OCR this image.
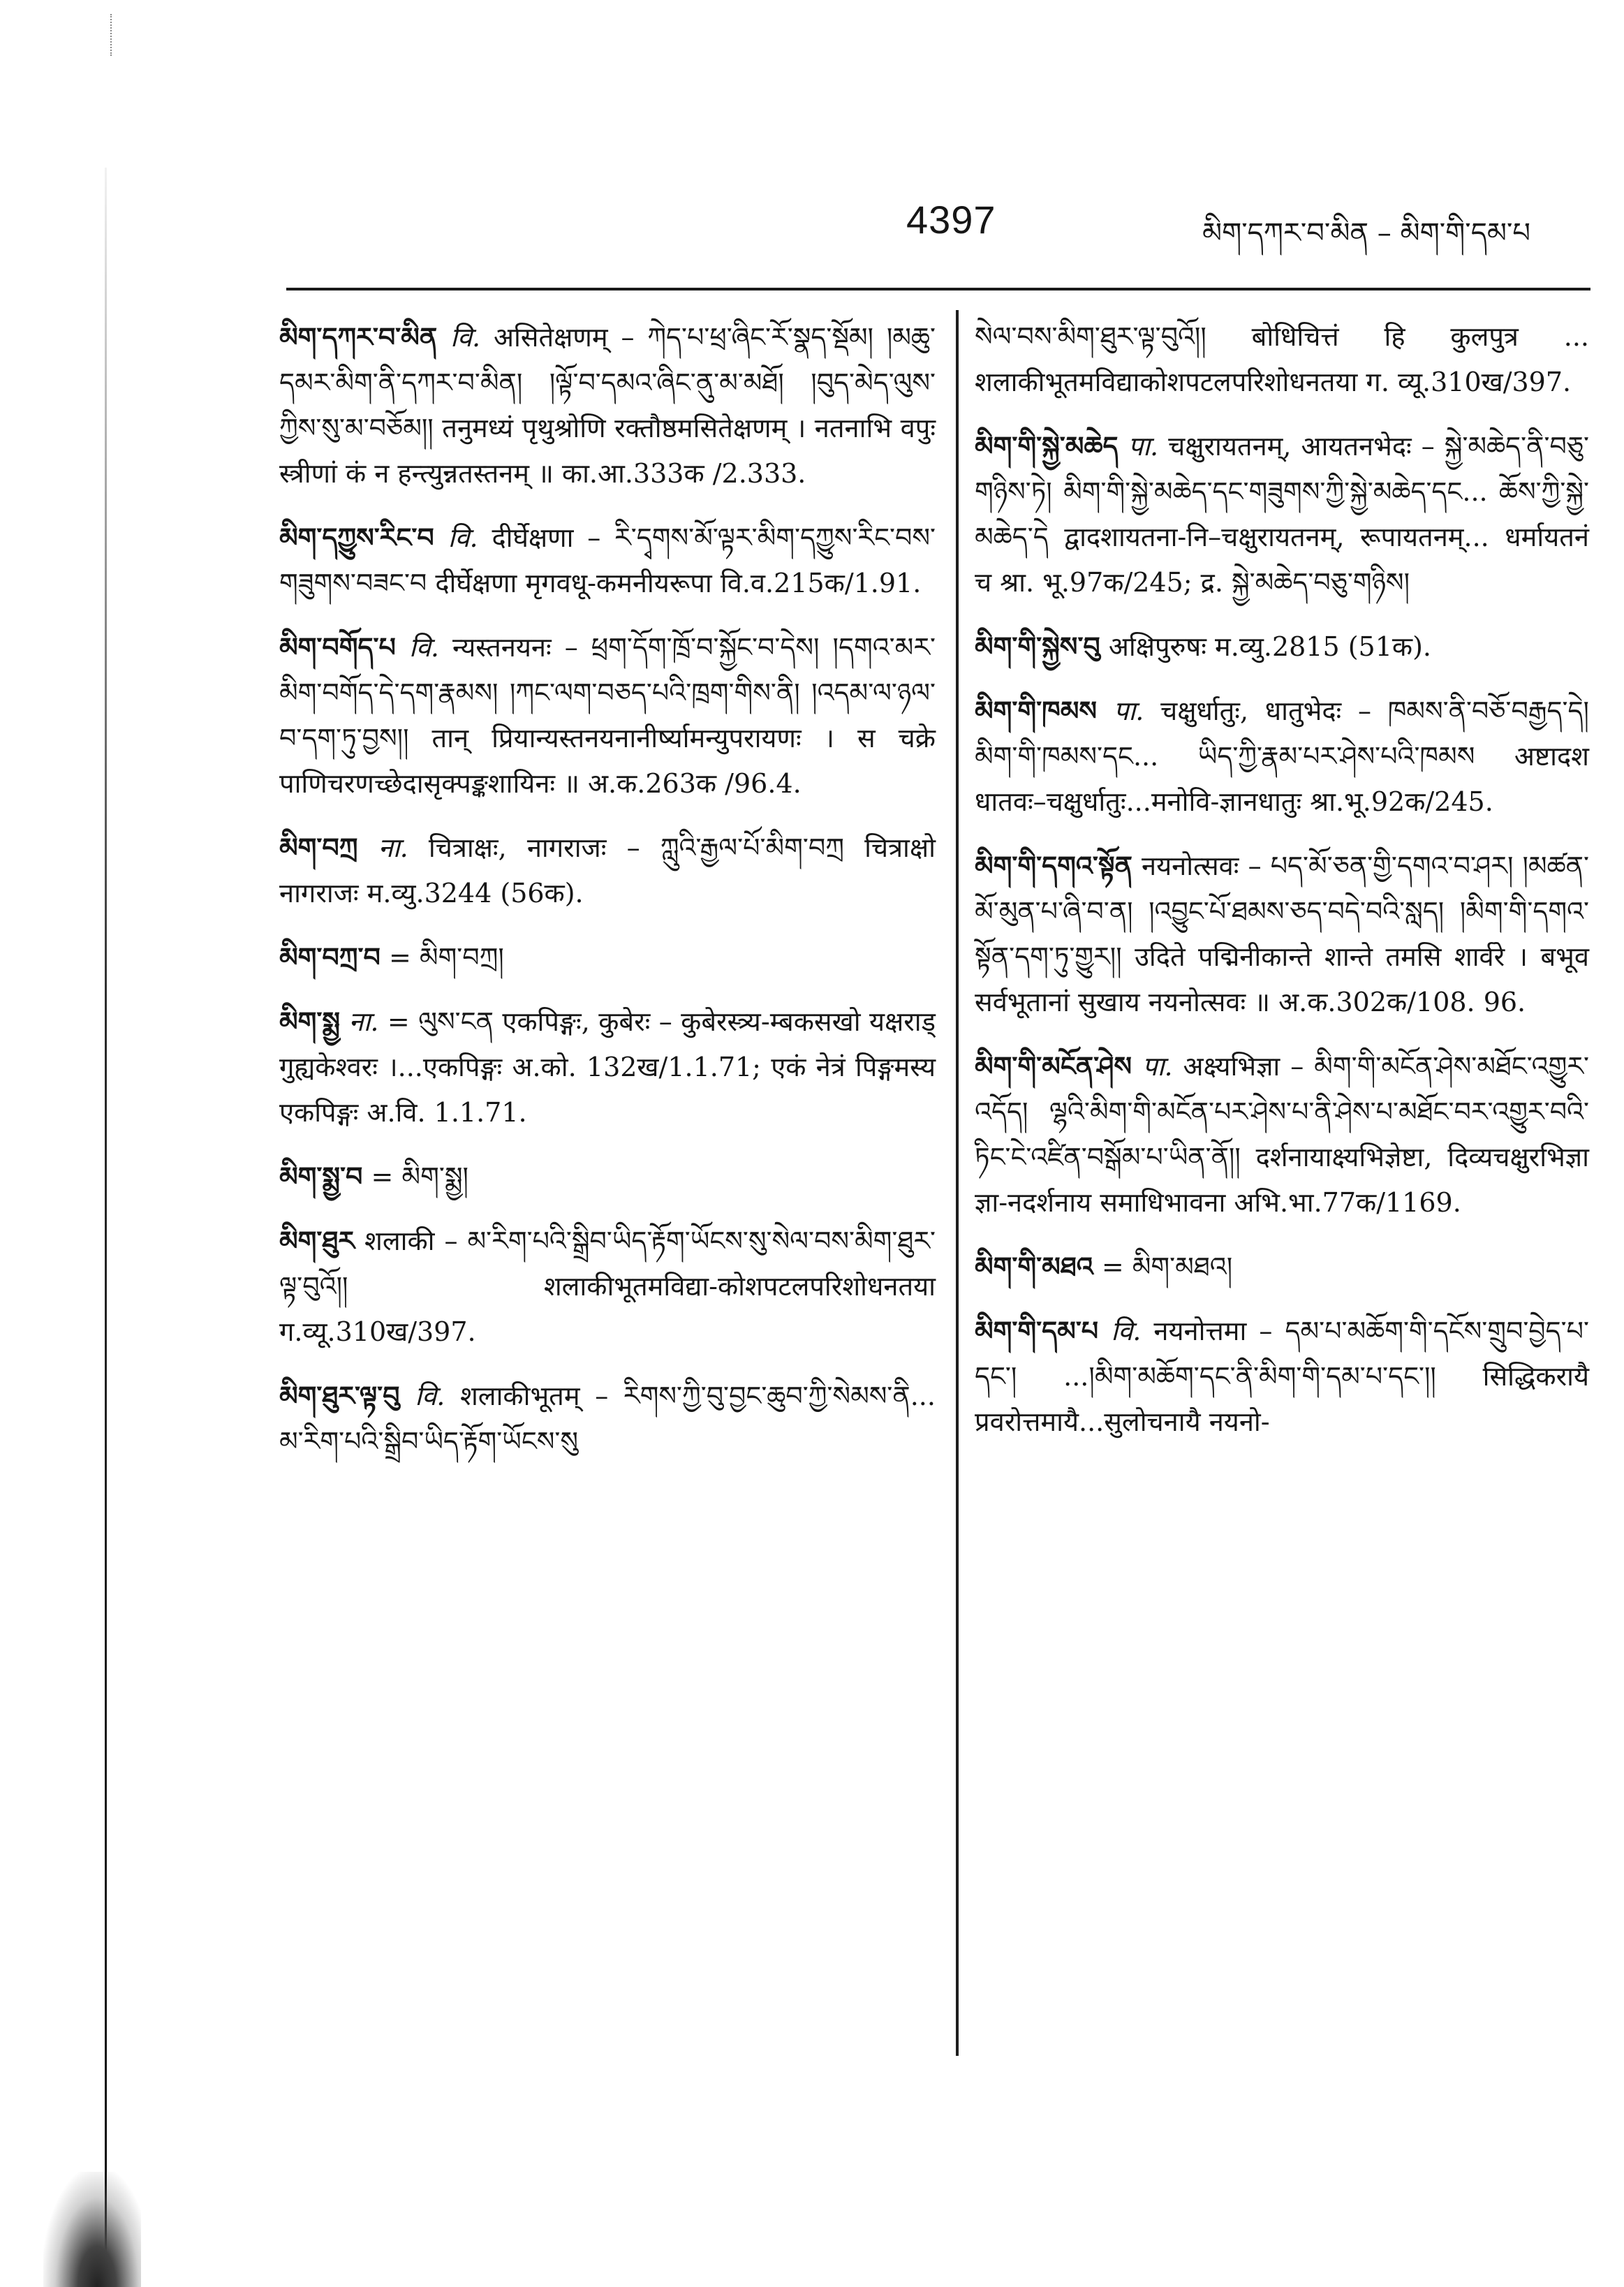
4397	མིག་དཀར་བ་མིན – མིག་གི་དམ་པ

མིག་དཀར་བ་མིན वि. असितेक्षणम् – ཀེད་པ་ཕྲ་ཞིང་རོ་སྣད་སྡོམ། །མཆུ་དམར་མིག་ནི་དཀར་བ་མིན། །ལྟོ་བ་དམའ་ཞིང་ནུ་མ་མཐོ། །བུད་མེད་ལུས་ཀྱིས་སུ་མ་བཅོམ།། तनुमध्यं पृथुश्रोणि रक्तौष्ठमसितेक्षणम् । नतनाभि वपुः स्त्रीणां कं न हन्त्युन्नतस्तनम् ॥ का.आ.333क /2.333.

མིག་དཀྱུས་རིང་བ वि. दीर्घेक्षणा – རི་དྭགས་མོ་ལྟར་མིག་དཀྱུས་རིང་བས་གཟུགས་བཟང་བ दीर्घेक्षणा मृगवधू-कमनीयरूपा वि.व.215क/1.91.

མིག་བགོད་པ वि. न्यस्तनयनः – ཕྲག་དོག་ཁྲོ་བ་སྐྱོང་བ་དེས། །དགའ་མར་མིག་བགོད་དེ་དག་རྣམས། །ཀང་ལག་བཅད་པའི་ཁྲག་གིས་ནི། །འདམ་ལ་ཉལ་བ་དག་ཏུ་བྱས།། तान् प्रियान्यस्तनयनानीर्ष्यामन्युपरायणः । स चक्रे पाणिचरणच्छेदासृक्पङ्कशायिनः ॥ अ.क.263क /96.4.

མིག་བཀྲ ना. चित्राक्षः, नागराजः – ཀླུའི་རྒྱལ་པོ་མིག་བཀྲ चित्राक्षो नागराजः म.व्यु.3244 (56क).

མིག་བཀྲ་བ = མིག་བཀྲ།

མིག་སྨྱ ना. = ལུས་ངན एकपिङ्गः, कुबेरः – कुबेरस्त्र्य-म्बकसखो यक्षराड् गुह्यकेश्वरः ।...एकपिङ्गः अ.को. 132ख/1.1.71; एकं नेत्रं पिङ्गमस्य एकपिङ्गः अ.वि. 1.1.71.

མིག་སྨྱ་བ = མིག་སྨྱ།

མིག་ཐུར शलाकी – མ་རིག་པའི་སྒྲིབ་ཡིད་རྟོག་ཡོངས་སུ་སེལ་བས་མིག་ཐུར་ལྟ་བུའོ།། शलाकीभूतमविद्या-कोशपटलपरिशोधनतया ग.व्यू.310ख/397.

མིག་ཐུར་ལྟ་བུ वि. शलाकीभूतम् – རིགས་ཀྱི་བུ་བྱང་ཆུབ་ཀྱི་སེམས་ནི... མ་རིག་པའི་སྒྲིབ་ཡིད་རྟོག་ཡོངས་སུ

སེལ་བས་མིག་ཐུར་ལྟ་བུའོ།། बोधिचित्तं हि कुलपुत्र ... शलाकीभूतमविद्याकोशपटलपरिशोधनतया ग. व्यू.310ख/397.

མིག་གི་སྐྱེ་མཆེད पा. चक्षुरायतनम्, आयतनभेदः – སྐྱེ་མཆེད་ནི་བཅུ་གཉིས་ཏེ། མིག་གི་སྐྱེ་མཆེད་དང་གཟུགས་ཀྱི་སྐྱེ་མཆེད་དང... ཆོས་ཀྱི་སྐྱེ་མཆེད་དེ द्वादशायतना-नि–चक्षुरायतनम्, रूपायतनम्... धर्मायतनं च श्रा. भू.97क/245; द्र. སྐྱེ་མཆེད་བཅུ་གཉིས།

མིག་གི་སྐྱེས་བུ अक्षिपुरुषः म.व्यु.2815 (51क).

མིག་གི་ཁམས पा. चक्षुर्धातुः, धातुभेदः – ཁམས་ནི་བཅོ་བརྒྱད་དེ། མིག་གི་ཁམས་དང... ཡིད་ཀྱི་རྣམ་པར་ཤེས་པའི་ཁམས अष्टादश धातवः–चक्षुर्धातुः...मनोवि-ज्ञानधातुः श्रा.भू.92क/245.

མིག་གི་དགའ་སྟོན नयनोत्सवः – པད་མོ་ཅན་གྱི་དགའ་བ་ཤར། །མཚན་མོ་མུན་པ་ཞི་བ་ན། །འབྱུང་པོ་ཐམས་ཅད་བདེ་བའི་སླད། །མིག་གི་དགའ་སྟོན་དག་ཏུ་གྱུར།། उदिते पद्मिनीकान्ते शान्ते तमसि शार्वरे । बभूव सर्वभूतानां सुखाय नयनोत्सवः ॥ अ.क.302क/108. 96.

མིག་གི་མངོན་ཤེས पा. अक्ष्यभिज्ञा – མིག་གི་མངོན་ཤེས་མཐོང་འགྱུར་འདོད། ལྷའི་མིག་གི་མངོན་པར་ཤེས་པ་ནི་ཤེས་པ་མཐོང་བར་འགྱུར་བའི་ཏིང་ངེ་འཛིན་བསྒོམ་པ་ཡིན་ནོ།། दर्शनायाक्ष्यभिज्ञेष्टा, दिव्यचक्षुरभिज्ञा ज्ञा-नदर्शनाय समाधिभावना अभि.भा.77क/1169.

མིག་གི་མཐའ = མིག་མཐའ།

མིག་གི་དམ་པ वि. नयनोत्तमा – དམ་པ་མཆོག་གི་དངོས་གྲུབ་བྱེད་པ་དང་། ...།མིག་མཆོག་དང་ནི་མིག་གི་དམ་པ་དང་།། सिद्धिकरायै प्रवरोत्तमायै...सुलोचनायै नयनो-
